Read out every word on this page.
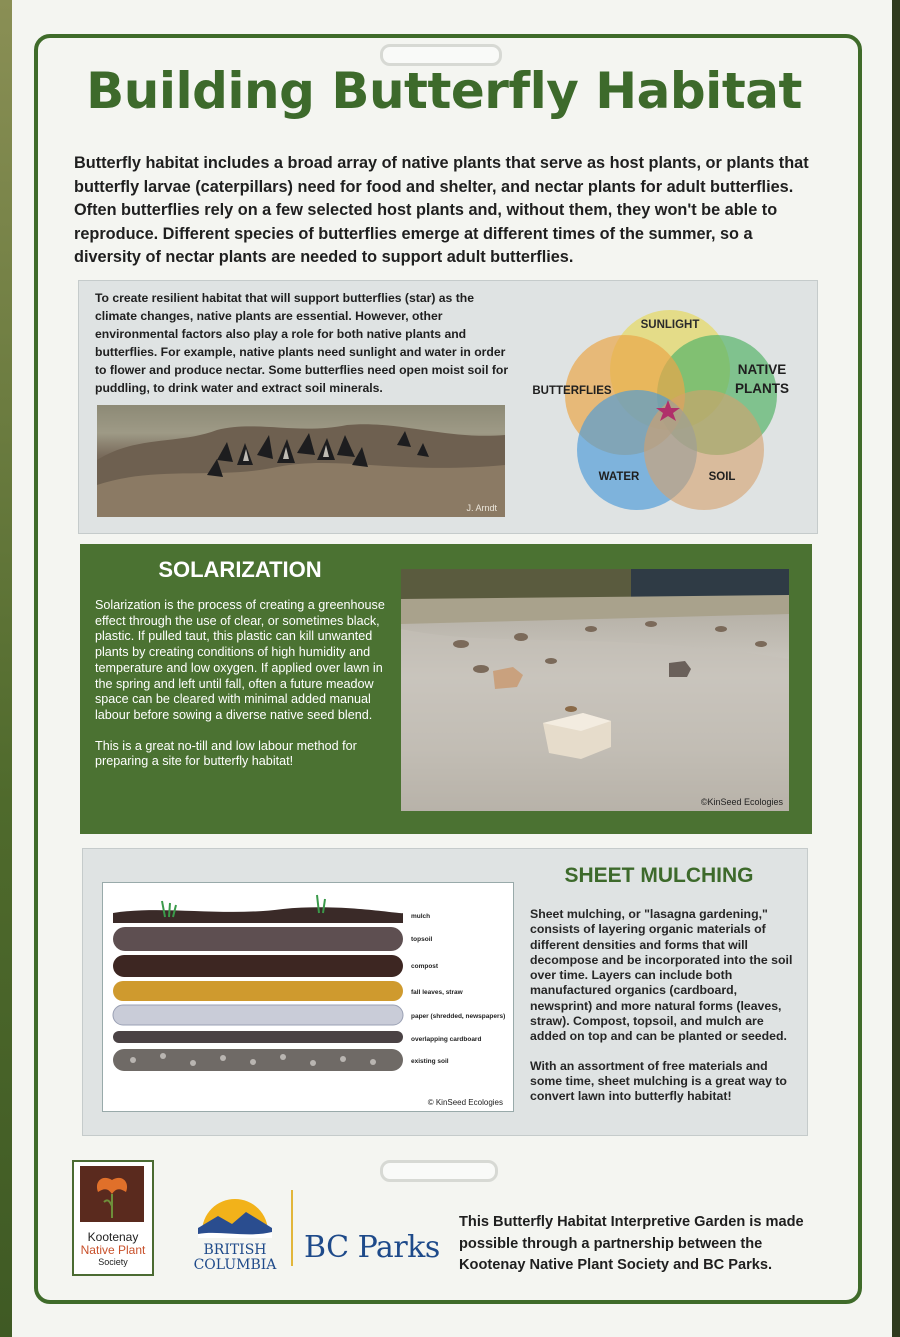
Building Butterfly Habitat
Butterfly habitat includes a broad array of native plants that serve as host plants, or plants that butterfly larvae (caterpillars) need for food and shelter, and nectar plants for adult butterflies. Often butterflies rely on a few selected host plants and, without them, they won't be able to reproduce. Different species of butterflies emerge at different times of the summer, so a diversity of nectar plants are needed to support adult butterflies.
To create resilient habitat that will support butterflies (star) as the climate changes, native plants are essential. However, other environmental factors also play a role for both native plants and butterflies. For example, native plants need sunlight and water in order to flower and produce nectar. Some butterflies need open moist soil for puddling, to drink water and extract soil minerals.
J. Arndt
SUNLIGHT
NATIVE
PLANTS
BUTTERFLIES
WATER	SOIL
SOLARIZATION
Solarization is the process of creating a greenhouse effect through the use of clear, or sometimes black, plastic. If pulled taut, this plastic can kill unwanted plants by creating conditions of high humidity and temperature and low oxygen. If applied over lawn in the spring and left until fall, often a future meadow space can be cleared with minimal added manual labour before sowing a diverse native seed blend.
This is a great no-till and low labour method for preparing a site for butterfly habitat!
©KinSeed Ecologies
mulch
topsoil
compost
fall leaves, straw
paper (shredded, newspapers)
overlapping cardboard
existing soil
© KinSeed Ecologies
SHEET MULCHING
Sheet mulching, or "lasagna gardening," consists of layering organic materials of different densities and forms that will decompose and be incorporated into the soil over time. Layers can include both manufactured organics (cardboard, newsprint) and more natural forms (leaves, straw). Compost, topsoil, and mulch are added on top and can be planted or seeded.
With an assortment of free materials and some time, sheet mulching is a great way to convert lawn into butterfly habitat!
Kootenay
Native Plant
Society
BRITISH
COLUMBIA BC Parks
This Butterfly Habitat Interpretive Garden is made possible through a partnership between the Kootenay Native Plant Society and BC Parks.
